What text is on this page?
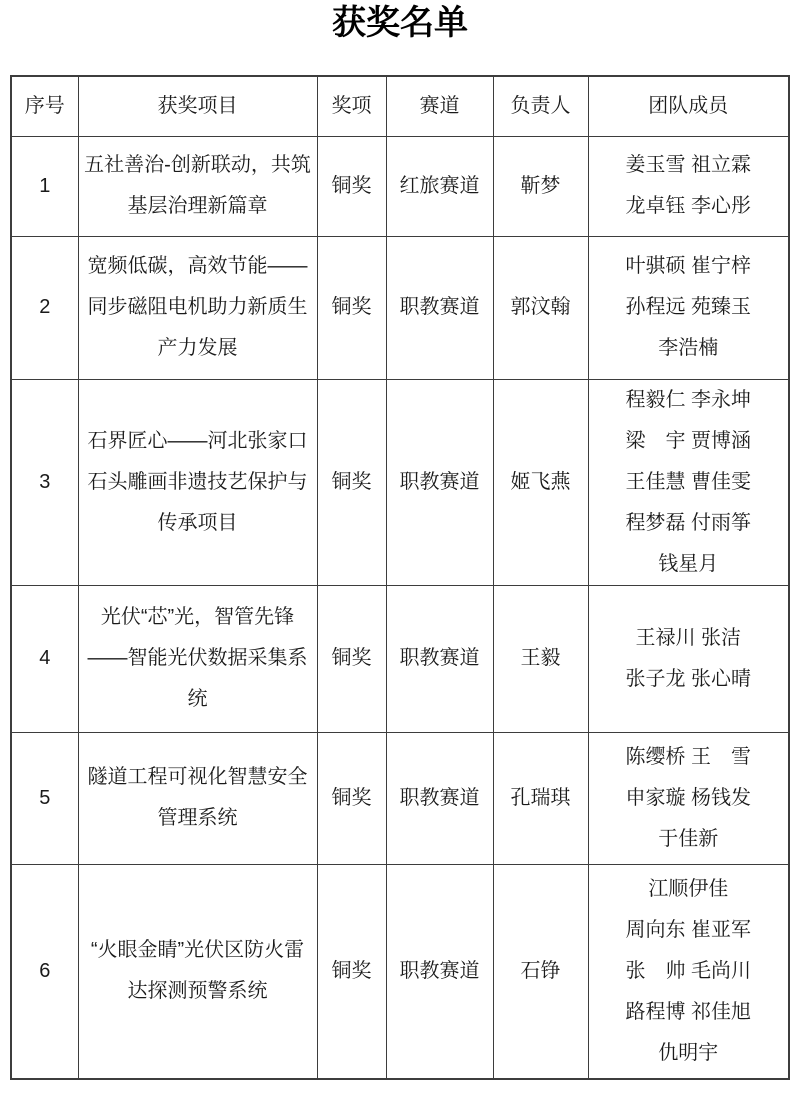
获奖名单
序号	获奖项目	奖项	赛道	负责人	团队成员
1	五社善治-创新联动，共筑基层治理新篇章	铜奖	红旅赛道	靳梦	姜玉雪 祖立霖
龙卓钰 李心彤

2	宽频低碳，高效节能——同步磁阻电机助力新质生产力发展	铜奖	职教赛道	郭汶翰	叶骐硕 崔宁梓
孙程远 苑臻玉
李浩楠

3	石界匠心——河北张家口石头雕画非遗技艺保护与传承项目	铜奖	职教赛道	姬飞燕	程毅仁 李永坤
梁　宇 贾博涵
王佳慧 曹佳雯
程梦磊 付雨筝
钱星月

4	光伏“芯”光，智管先锋——智能光伏数据采集系统	铜奖	职教赛道	王毅	王禄川 张洁
张子龙 张心晴

5	隧道工程可视化智慧安全管理系统	铜奖	职教赛道	孔瑞琪	陈缨桥 王　雪
申家璇 杨钱发
于佳新

6	“火眼金睛”光伏区防火雷达探测预警系统	铜奖	职教赛道	石铮	江顺伊佳
周向东 崔亚军
张　帅 毛尚川
路程博 祁佳旭
仇明宇
